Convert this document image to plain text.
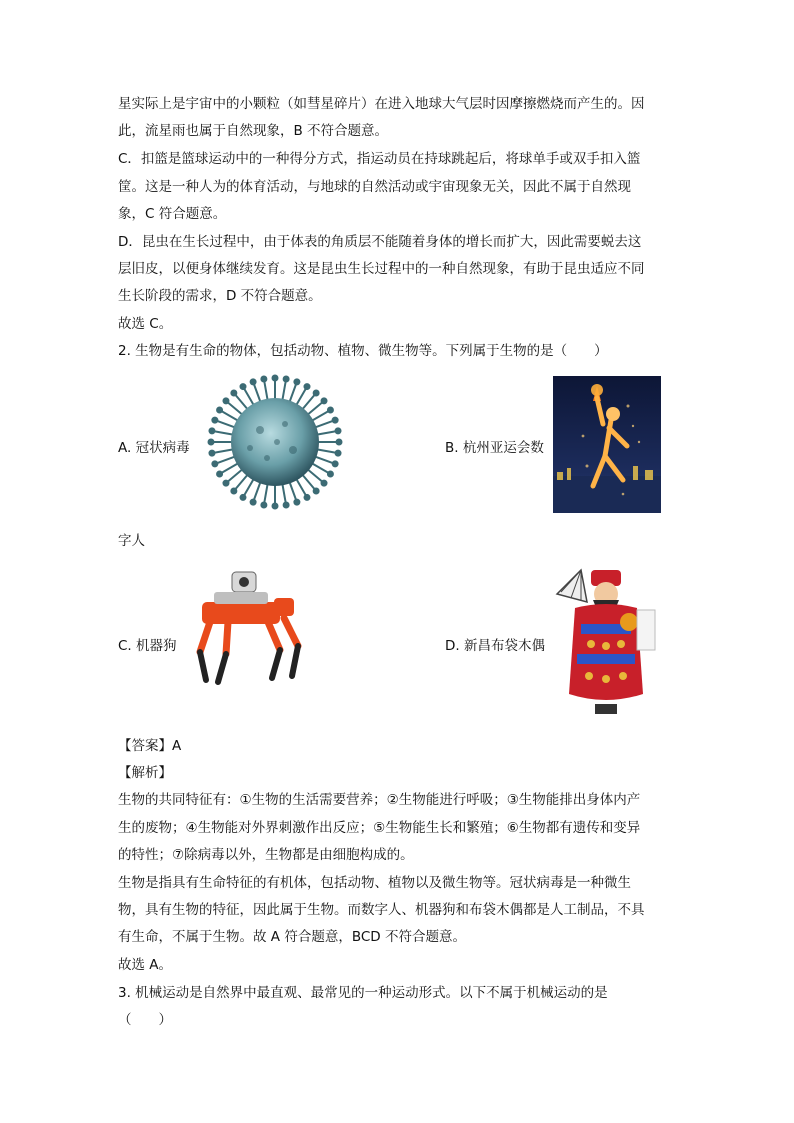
星实际上是宇宙中的小颗粒（如彗星碎片）在进入地球大气层时因摩擦燃烧而产生的。因
此，流星雨也属于自然现象，B 不符合题意。
C．扣篮是篮球运动中的一种得分方式，指运动员在持球跳起后，将球单手或双手扣入篮
筐。这是一种人为的体育活动，与地球的自然活动或宇宙现象无关，因此不属于自然现
象，C 符合题意。
D．昆虫在生长过程中，由于体表的角质层不能随着身体的增长而扩大，因此需要蜕去这
层旧皮，以便身体继续发育。这是昆虫生长过程中的一种自然现象，有助于昆虫适应不同
生长阶段的需求，D 不符合题意。
故选 C。
2. 生物是有生命的物体，包括动物、植物、微生物等。下列属于生物的是（　　）
A. 冠状病毒	B. 杭州亚运会数
字人
C. 机器狗	D. 新昌布袋木偶
【答案】A
【解析】
生物的共同特征有：①生物的生活需要营养；②生物能进行呼吸；③生物能排出身体内产
生的废物；④生物能对外界刺激作出反应；⑤生物能生长和繁殖；⑥生物都有遗传和变异
的特性；⑦除病毒以外，生物都是由细胞构成的。
生物是指具有生命特征的有机体，包括动物、植物以及微生物等。冠状病毒是一种微生
物，具有生物的特征，因此属于生物。而数字人、机器狗和布袋木偶都是人工制品，不具
有生命，不属于生物。故 A 符合题意，BCD 不符合题意。
故选 A。
3. 机械运动是自然界中最直观、最常见的一种运动形式。以下不属于机械运动的是
（　　）
